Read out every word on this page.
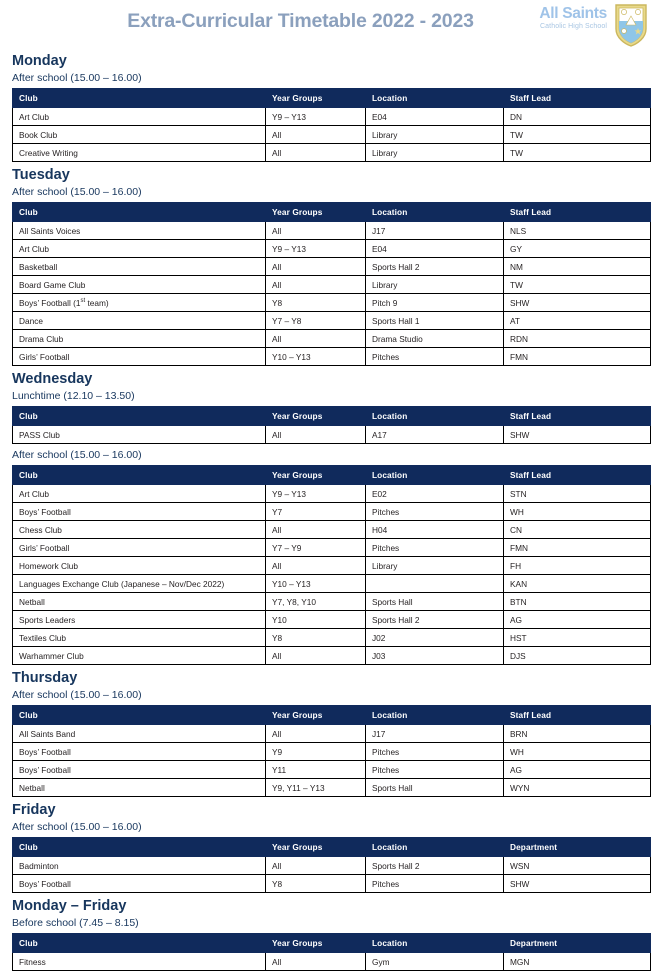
Extra-Curricular Timetable 2022 - 2023	All Saints
Catholic High School
Monday
After school (15.00 – 16.00)
Club	Year Groups	Location	Staff Lead
Art Club	Y9 – Y13	E04	DN
Book Club	All	Library	TW
Creative Writing	All	Library	TW
Tuesday
After school (15.00 – 16.00)
Club	Year Groups	Location	Staff Lead
All Saints Voices	All	J17	NLS
Art Club	Y9 – Y13	E04	GY
Basketball	All	Sports Hall 2	NM
Board Game Club	All	Library	TW
Boys’ Football (1st team)	Y8	Pitch 9	SHW
Dance	Y7 – Y8	Sports Hall 1	AT
Drama Club	All	Drama Studio	RDN
Girls’ Football	Y10 – Y13	Pitches	FMN
Wednesday
Lunchtime (12.10 – 13.50)
Club	Year Groups	Location	Staff Lead
PASS Club	All	A17	SHW
After school (15.00 – 16.00)
Club	Year Groups	Location	Staff Lead
Art Club	Y9 – Y13	E02	STN
Boys’ Football	Y7	Pitches	WH
Chess Club	All	H04	CN
Girls’ Football	Y7 – Y9	Pitches	FMN
Homework Club	All	Library	FH
Languages Exchange Club (Japanese – Nov/Dec 2022)	Y10 – Y13		KAN
Netball	Y7, Y8, Y10	Sports Hall	BTN
Sports Leaders	Y10	Sports Hall 2	AG
Textiles Club	Y8	J02	HST
Warhammer Club	All	J03	DJS
Thursday
After school (15.00 – 16.00)
Club	Year Groups	Location	Staff Lead
All Saints Band	All	J17	BRN
Boys’ Football	Y9	Pitches	WH
Boys’ Football	Y11	Pitches	AG
Netball	Y9, Y11 – Y13	Sports Hall	WYN
Friday
After school (15.00 – 16.00)
Club	Year Groups	Location	Department
Badminton	All	Sports Hall 2	WSN
Boys’ Football	Y8	Pitches	SHW
Monday – Friday
Before school (7.45 – 8.15)
Club	Year Groups	Location	Department
Fitness	All	Gym	MGN
